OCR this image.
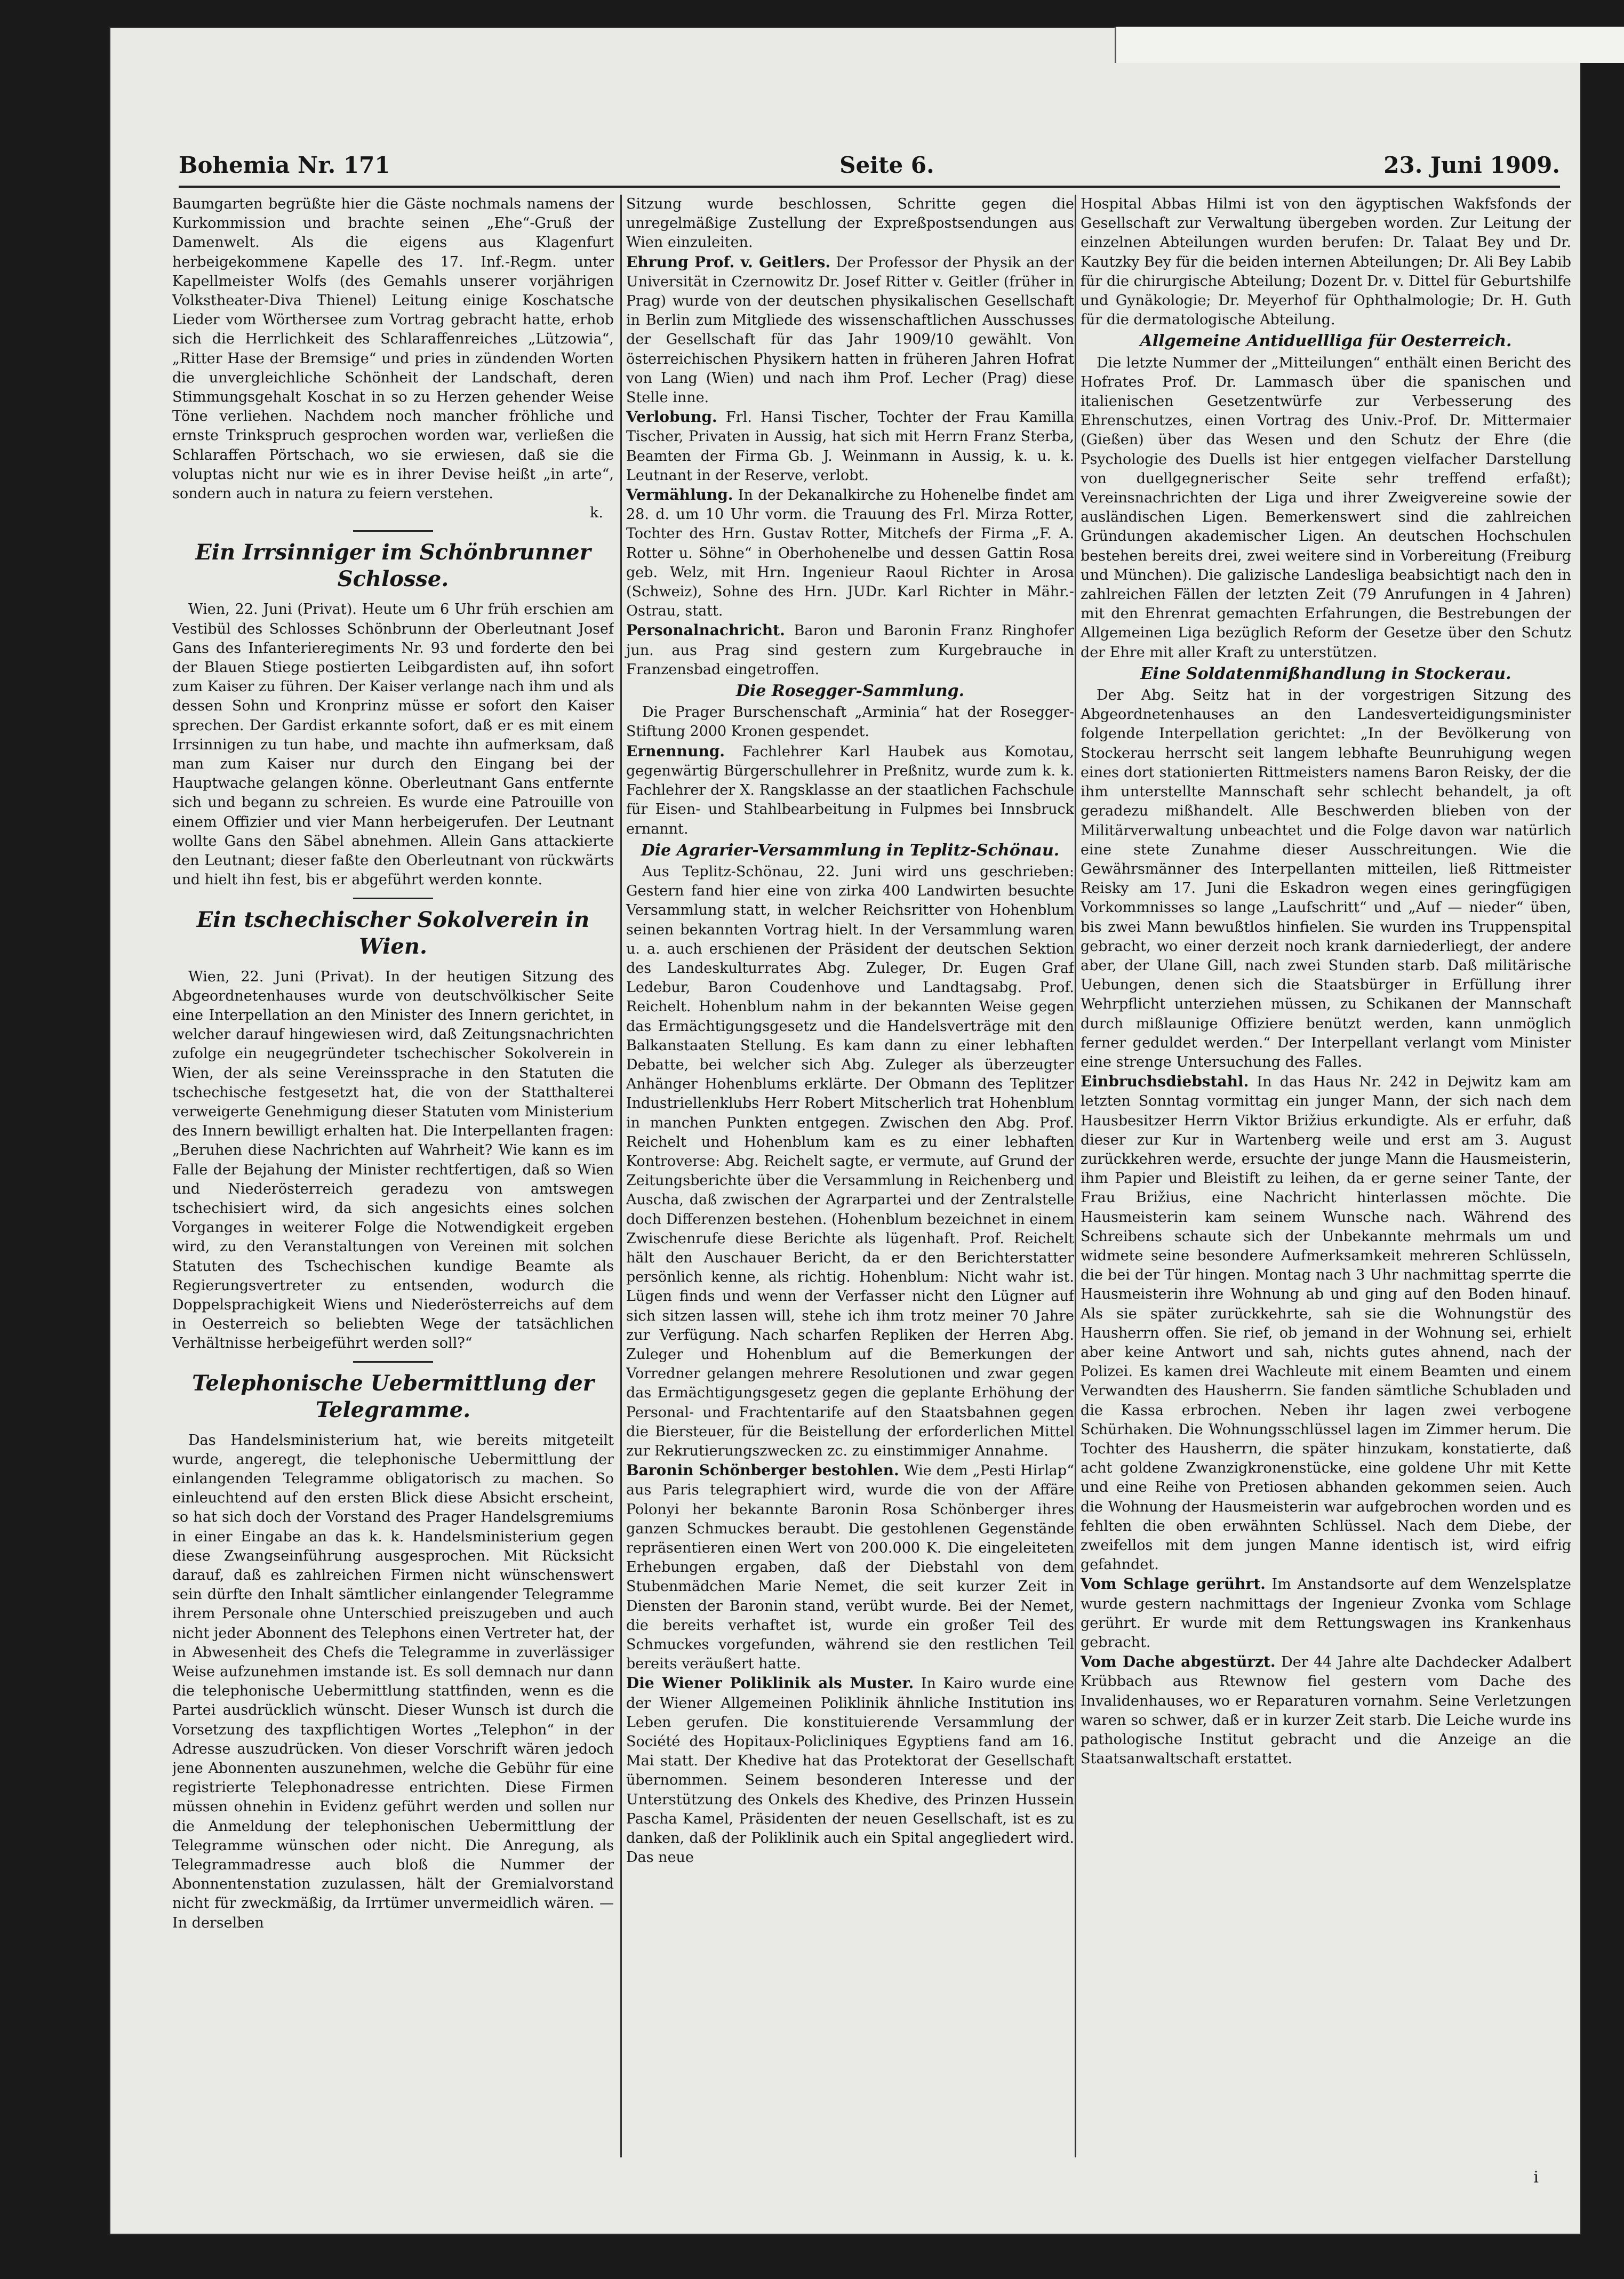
Bohemia Nr. 171	Seite 6.	23. Juni 1909.

Baumgarten begrüßte hier die Gäste nochmals namens der Kurkommission und brachte seinen „Ehe“-Gruß der Damenwelt. Als die eigens aus Klagenfurt herbeigekommene Kapelle des 17. Inf.-Regm. unter Kapellmeister Wolfs (des Gemahls unserer vorjährigen Volkstheater-Diva Thienel) Leitung einige Koschatsche Lieder vom Wörthersee zum Vortrag gebracht hatte, erhob sich die Herrlichkeit des Schlaraffenreiches „Lützowia“, „Ritter Hase der Bremsige“ und pries in zündenden Worten die unvergleichliche Schönheit der Landschaft, deren Stimmungsgehalt Koschat in so zu Herzen gehender Weise Töne verliehen. Nachdem noch mancher fröhliche und ernste Trinkspruch gesprochen worden war, verließen die Schlaraffen Pörtschach, wo sie erwiesen, daß sie die voluptas nicht nur wie es in ihrer Devise heißt „in arte“, sondern auch in natura zu feiern verstehen.

k.
Ein Irrsinniger im Schönbrunner Schlosse.

Wien, 22. Juni (Privat). Heute um 6 Uhr früh erschien am Vestibül des Schlosses Schönbrunn der Oberleutnant Josef Gans des Infanterieregiments Nr. 93 und forderte den bei der Blauen Stiege postierten Leibgardisten auf, ihn sofort zum Kaiser zu führen. Der Kaiser verlange nach ihm und als dessen Sohn und Kronprinz müsse er sofort den Kaiser sprechen. Der Gardist erkannte sofort, daß er es mit einem Irrsinnigen zu tun habe, und machte ihn aufmerksam, daß man zum Kaiser nur durch den Eingang bei der Hauptwache gelangen könne. Oberleutnant Gans entfernte sich und begann zu schreien. Es wurde eine Patrouille von einem Offizier und vier Mann herbeigerufen. Der Leutnant wollte Gans den Säbel abnehmen. Allein Gans attackierte den Leutnant; dieser faßte den Oberleutnant von rückwärts und hielt ihn fest, bis er abgeführt werden konnte.

Ein tschechischer Sokolverein in Wien.

Wien, 22. Juni (Privat). In der heutigen Sitzung des Abgeordnetenhauses wurde von deutschvölkischer Seite eine Interpellation an den Minister des Innern gerichtet, in welcher darauf hingewiesen wird, daß Zeitungsnachrichten zufolge ein neugegründeter tschechischer Sokolverein in Wien, der als seine Vereinssprache in den Statuten die tschechische festgesetzt hat, die von der Statthalterei verweigerte Genehmigung dieser Statuten vom Ministerium des Innern bewilligt erhalten hat. Die Interpellanten fragen: „Beruhen diese Nachrichten auf Wahrheit? Wie kann es im Falle der Bejahung der Minister rechtfertigen, daß so Wien und Niederösterreich geradezu von amtswegen tschechisiert wird, da sich angesichts eines solchen Vorganges in weiterer Folge die Notwendigkeit ergeben wird, zu den Veranstaltungen von Vereinen mit solchen Statuten des Tschechischen kundige Beamte als Regierungsvertreter zu entsenden, wodurch die Doppelsprachigkeit Wiens und Niederösterreichs auf dem in Oesterreich so beliebten Wege der tatsächlichen Verhältnisse herbeigeführt werden soll?“

Telephonische Uebermittlung der Telegramme.

Das Handelsministerium hat, wie bereits mitgeteilt wurde, angeregt, die telephonische Uebermittlung der einlangenden Telegramme obligatorisch zu machen. So einleuchtend auf den ersten Blick diese Absicht erscheint, so hat sich doch der Vorstand des Prager Handelsgremiums in einer Eingabe an das k. k. Handelsministerium gegen diese Zwangseinführung ausgesprochen. Mit Rücksicht darauf, daß es zahlreichen Firmen nicht wünschenswert sein dürfte den Inhalt sämtlicher einlangender Telegramme ihrem Personale ohne Unterschied preiszugeben und auch nicht jeder Abonnent des Telephons einen Vertreter hat, der in Abwesenheit des Chefs die Telegramme in zuverlässiger Weise aufzunehmen imstande ist. Es soll demnach nur dann die telephonische Uebermittlung stattfinden, wenn es die Partei ausdrücklich wünscht. Dieser Wunsch ist durch die Vorsetzung des taxpflichtigen Wortes „Telephon“ in der Adresse auszudrücken. Von dieser Vorschrift wären jedoch jene Abonnenten auszunehmen, welche die Gebühr für eine registrierte Telephonadresse entrichten. Diese Firmen müssen ohnehin in Evidenz geführt werden und sollen nur die Anmeldung der telephonischen Uebermittlung der Telegramme wünschen oder nicht. Die Anregung, als Telegrammadresse auch bloß die Nummer der Abonnentenstation zuzulassen, hält der Gremialvorstand nicht für zweckmäßig, da Irrtümer unvermeidlich wären. — In derselben

Sitzung wurde beschlossen, Schritte gegen die unregelmäßige Zustellung der Expreßpostsendungen aus Wien einzuleiten.

Ehrung Prof. v. Geitlers. Der Professor der Physik an der Universität in Czernowitz Dr. Josef Ritter v. Geitler (früher in Prag) wurde von der deutschen physikalischen Gesellschaft in Berlin zum Mitgliede des wissenschaftlichen Ausschusses der Gesellschaft für das Jahr 1909/10 gewählt. Von österreichischen Physikern hatten in früheren Jahren Hofrat von Lang (Wien) und nach ihm Prof. Lecher (Prag) diese Stelle inne.

Verlobung. Frl. Hansi Tischer, Tochter der Frau Kamilla Tischer, Privaten in Aussig, hat sich mit Herrn Franz Sterba, Beamten der Firma Gb. J. Weinmann in Aussig, k. u. k. Leutnant in der Reserve, verlobt.

Vermählung. In der Dekanalkirche zu Hohenelbe findet am 28. d. um 10 Uhr vorm. die Trauung des Frl. Mirza Rotter, Tochter des Hrn. Gustav Rotter, Mitchefs der Firma „F. A. Rotter u. Söhne“ in Oberhohenelbe und dessen Gattin Rosa geb. Welz, mit Hrn. Ingenieur Raoul Richter in Arosa (Schweiz), Sohne des Hrn. JUDr. Karl Richter in Mähr.-Ostrau, statt.

Personalnachricht. Baron und Baronin Franz Ringhofer jun. aus Prag sind gestern zum Kurgebrauche in Franzensbad eingetroffen.

Die Rosegger-Sammlung.

Die Prager Burschenschaft „Arminia“ hat der Rosegger-Stiftung 2000 Kronen gespendet.

Ernennung. Fachlehrer Karl Haubek aus Komotau, gegenwärtig Bürgerschullehrer in Preßnitz, wurde zum k. k. Fachlehrer der X. Rangsklasse an der staatlichen Fachschule für Eisen- und Stahlbearbeitung in Fulpmes bei Innsbruck ernannt.

Die Agrarier-Versammlung in Teplitz-Schönau.

Aus Teplitz-Schönau, 22. Juni wird uns geschrieben: Gestern fand hier eine von zirka 400 Landwirten besuchte Versammlung statt, in welcher Reichsritter von Hohenblum seinen bekannten Vortrag hielt. In der Versammlung waren u. a. auch erschienen der Präsident der deutschen Sektion des Landeskulturrates Abg. Zuleger, Dr. Eugen Graf Ledebur, Baron Coudenhove und Landtagsabg. Prof. Reichelt. Hohenblum nahm in der bekannten Weise gegen das Ermächtigungsgesetz und die Handelsverträge mit den Balkanstaaten Stellung. Es kam dann zu einer lebhaften Debatte, bei welcher sich Abg. Zuleger als überzeugter Anhänger Hohenblums erklärte. Der Obmann des Teplitzer Industriellenklubs Herr Robert Mitscherlich trat Hohenblum in manchen Punkten entgegen. Zwischen den Abg. Prof. Reichelt und Hohenblum kam es zu einer lebhaften Kontroverse: Abg. Reichelt sagte, er vermute, auf Grund der Zeitungsberichte über die Versammlung in Reichenberg und Auscha, daß zwischen der Agrarpartei und der Zentralstelle doch Differenzen bestehen. (Hohenblum bezeichnet in einem Zwischenrufe diese Berichte als lügenhaft. Prof. Reichelt hält den Auschauer Bericht, da er den Berichterstatter persönlich kenne, als richtig. Hohenblum: Nicht wahr ist. Lügen finds und wenn der Verfasser nicht den Lügner auf sich sitzen lassen will, stehe ich ihm trotz meiner 70 Jahre zur Verfügung. Nach scharfen Repliken der Herren Abg. Zuleger und Hohenblum auf die Bemerkungen der Vorredner gelangen mehrere Resolutionen und zwar gegen das Ermächtigungsgesetz gegen die geplante Erhöhung der Personal- und Frachtentarife auf den Staatsbahnen gegen die Biersteuer, für die Beistellung der erforderlichen Mittel zur Rekrutierungszwecken zc. zu einstimmiger Annahme.

Baronin Schönberger bestohlen. Wie dem „Pesti Hirlap“ aus Paris telegraphiert wird, wurde die von der Affäre Polonyi her bekannte Baronin Rosa Schönberger ihres ganzen Schmuckes beraubt. Die gestohlenen Gegenstände repräsentieren einen Wert von 200.000 K. Die eingeleiteten Erhebungen ergaben, daß der Diebstahl von dem Stubenmädchen Marie Nemet, die seit kurzer Zeit in Diensten der Baronin stand, verübt wurde. Bei der Nemet, die bereits verhaftet ist, wurde ein großer Teil des Schmuckes vorgefunden, während sie den restlichen Teil bereits veräußert hatte.

Die Wiener Poliklinik als Muster. In Kairo wurde eine der Wiener Allgemeinen Poliklinik ähnliche Institution ins Leben gerufen. Die konstituierende Versammlung der Société des Hopitaux-Policliniques Egyptiens fand am 16. Mai statt. Der Khedive hat das Protektorat der Gesellschaft übernommen. Seinem besonderen Interesse und der Unterstützung des Onkels des Khedive, des Prinzen Hussein Pascha Kamel, Präsidenten der neuen Gesellschaft, ist es zu danken, daß der Poliklinik auch ein Spital angegliedert wird. Das neue

Hospital Abbas Hilmi ist von den ägyptischen Wakfsfonds der Gesellschaft zur Verwaltung übergeben worden. Zur Leitung der einzelnen Abteilungen wurden berufen: Dr. Talaat Bey und Dr. Kautzky Bey für die beiden internen Abteilungen; Dr. Ali Bey Labib für die chirurgische Abteilung; Dozent Dr. v. Dittel für Geburtshilfe und Gynäkologie; Dr. Meyerhof für Ophthalmologie; Dr. H. Guth für die dermatologische Abteilung.

Allgemeine Antiduellliga für Oesterreich.

Die letzte Nummer der „Mitteilungen“ enthält einen Bericht des Hofrates Prof. Dr. Lammasch über die spanischen und italienischen Gesetzentwürfe zur Verbesserung des Ehrenschutzes, einen Vortrag des Univ.-Prof. Dr. Mittermaier (Gießen) über das Wesen und den Schutz der Ehre (die Psychologie des Duells ist hier entgegen vielfacher Darstellung von duellgegnerischer Seite sehr treffend erfaßt); Vereinsnachrichten der Liga und ihrer Zweigvereine sowie der ausländischen Ligen. Bemerkenswert sind die zahlreichen Gründungen akademischer Ligen. An deutschen Hochschulen bestehen bereits drei, zwei weitere sind in Vorbereitung (Freiburg und München). Die galizische Landesliga beabsichtigt nach den in zahlreichen Fällen der letzten Zeit (79 Anrufungen in 4 Jahren) mit den Ehrenrat gemachten Erfahrungen, die Bestrebungen der Allgemeinen Liga bezüglich Reform der Gesetze über den Schutz der Ehre mit aller Kraft zu unterstützen.

Eine Soldatenmißhandlung in Stockerau.

Der Abg. Seitz hat in der vorgestrigen Sitzung des Abgeordnetenhauses an den Landesverteidigungsminister folgende Interpellation gerichtet: „In der Bevölkerung von Stockerau herrscht seit langem lebhafte Beunruhigung wegen eines dort stationierten Rittmeisters namens Baron Reisky, der die ihm unterstellte Mannschaft sehr schlecht behandelt, ja oft geradezu mißhandelt. Alle Beschwerden blieben von der Militärverwaltung unbeachtet und die Folge davon war natürlich eine stete Zunahme dieser Ausschreitungen. Wie die Gewährsmänner des Interpellanten mitteilen, ließ Rittmeister Reisky am 17. Juni die Eskadron wegen eines geringfügigen Vorkommnisses so lange „Laufschritt“ und „Auf — nieder“ üben, bis zwei Mann bewußtlos hinfielen. Sie wurden ins Truppenspital gebracht, wo einer derzeit noch krank darniederliegt, der andere aber, der Ulane Gill, nach zwei Stunden starb. Daß militärische Uebungen, denen sich die Staatsbürger in Erfüllung ihrer Wehrpflicht unterziehen müssen, zu Schikanen der Mannschaft durch mißlaunige Offiziere benützt werden, kann unmöglich ferner geduldet werden.“ Der Interpellant verlangt vom Minister eine strenge Untersuchung des Falles.

Einbruchsdiebstahl. In das Haus Nr. 242 in Dejwitz kam am letzten Sonntag vormittag ein junger Mann, der sich nach dem Hausbesitzer Herrn Viktor Brižius erkundigte. Als er erfuhr, daß dieser zur Kur in Wartenberg weile und erst am 3. August zurückkehren werde, ersuchte der junge Mann die Hausmeisterin, ihm Papier und Bleistift zu leihen, da er gerne seiner Tante, der Frau Brižius, eine Nachricht hinterlassen möchte. Die Hausmeisterin kam seinem Wunsche nach. Während des Schreibens schaute sich der Unbekannte mehrmals um und widmete seine besondere Aufmerksamkeit mehreren Schlüsseln, die bei der Tür hingen. Montag nach 3 Uhr nachmittag sperrte die Hausmeisterin ihre Wohnung ab und ging auf den Boden hinauf. Als sie später zurückkehrte, sah sie die Wohnungstür des Hausherrn offen. Sie rief, ob jemand in der Wohnung sei, erhielt aber keine Antwort und sah, nichts gutes ahnend, nach der Polizei. Es kamen drei Wachleute mit einem Beamten und einem Verwandten des Hausherrn. Sie fanden sämtliche Schubladen und die Kassa erbrochen. Neben ihr lagen zwei verbogene Schürhaken. Die Wohnungsschlüssel lagen im Zimmer herum. Die Tochter des Hausherrn, die später hinzukam, konstatierte, daß acht goldene Zwanzigkronenstücke, eine goldene Uhr mit Kette und eine Reihe von Pretiosen abhanden gekommen seien. Auch die Wohnung der Hausmeisterin war aufgebrochen worden und es fehlten die oben erwähnten Schlüssel. Nach dem Diebe, der zweifellos mit dem jungen Manne identisch ist, wird eifrig gefahndet.

Vom Schlage gerührt. Im Anstandsorte auf dem Wenzelsplatze wurde gestern nachmittags der Ingenieur Zvonka vom Schlage gerührt. Er wurde mit dem Rettungswagen ins Krankenhaus gebracht.

Vom Dache abgestürzt. Der 44 Jahre alte Dachdecker Adalbert Krübbach aus Rtewnow fiel gestern vom Dache des Invalidenhauses, wo er Reparaturen vornahm. Seine Verletzungen waren so schwer, daß er in kurzer Zeit starb. Die Leiche wurde ins pathologische Institut gebracht und die Anzeige an die Staatsanwaltschaft erstattet.

i
